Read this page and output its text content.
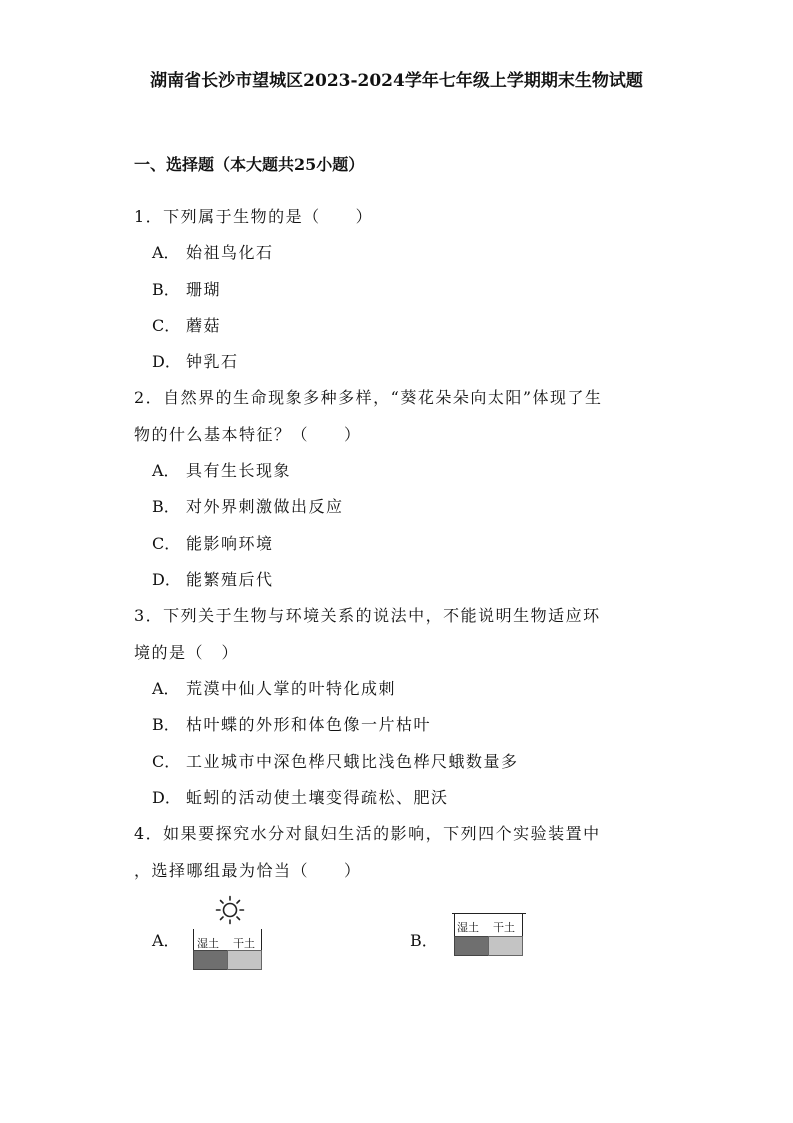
湖南省长沙市望城区2023-2024学年七年级上学期期末生物试题
一、选择题（本大题共25小题）
1．下列属于生物的是（　　）
A． 始祖鸟化石
B． 珊瑚
C． 蘑菇
D． 钟乳石
2．自然界的生命现象多种多样，“葵花朵朵向太阳”体现了生
物的什么基本特征？（　　）
A． 具有生长现象
B． 对外界刺激做出反应
C． 能影响环境
D． 能繁殖后代
3．下列关于生物与环境关系的说法中，不能说明生物适应环
境的是（　）
A． 荒漠中仙人掌的叶特化成刺
B． 枯叶蝶的外形和体色像一片枯叶
C． 工业城市中深色桦尺蛾比浅色桦尺蛾数量多
D． 蚯蚓的活动使土壤变得疏松、肥沃
4．如果要探究水分对鼠妇生活的影响，下列四个实验装置中
，选择哪组最为恰当（　　）
A． 湿土 干土	B．
湿土 干土
